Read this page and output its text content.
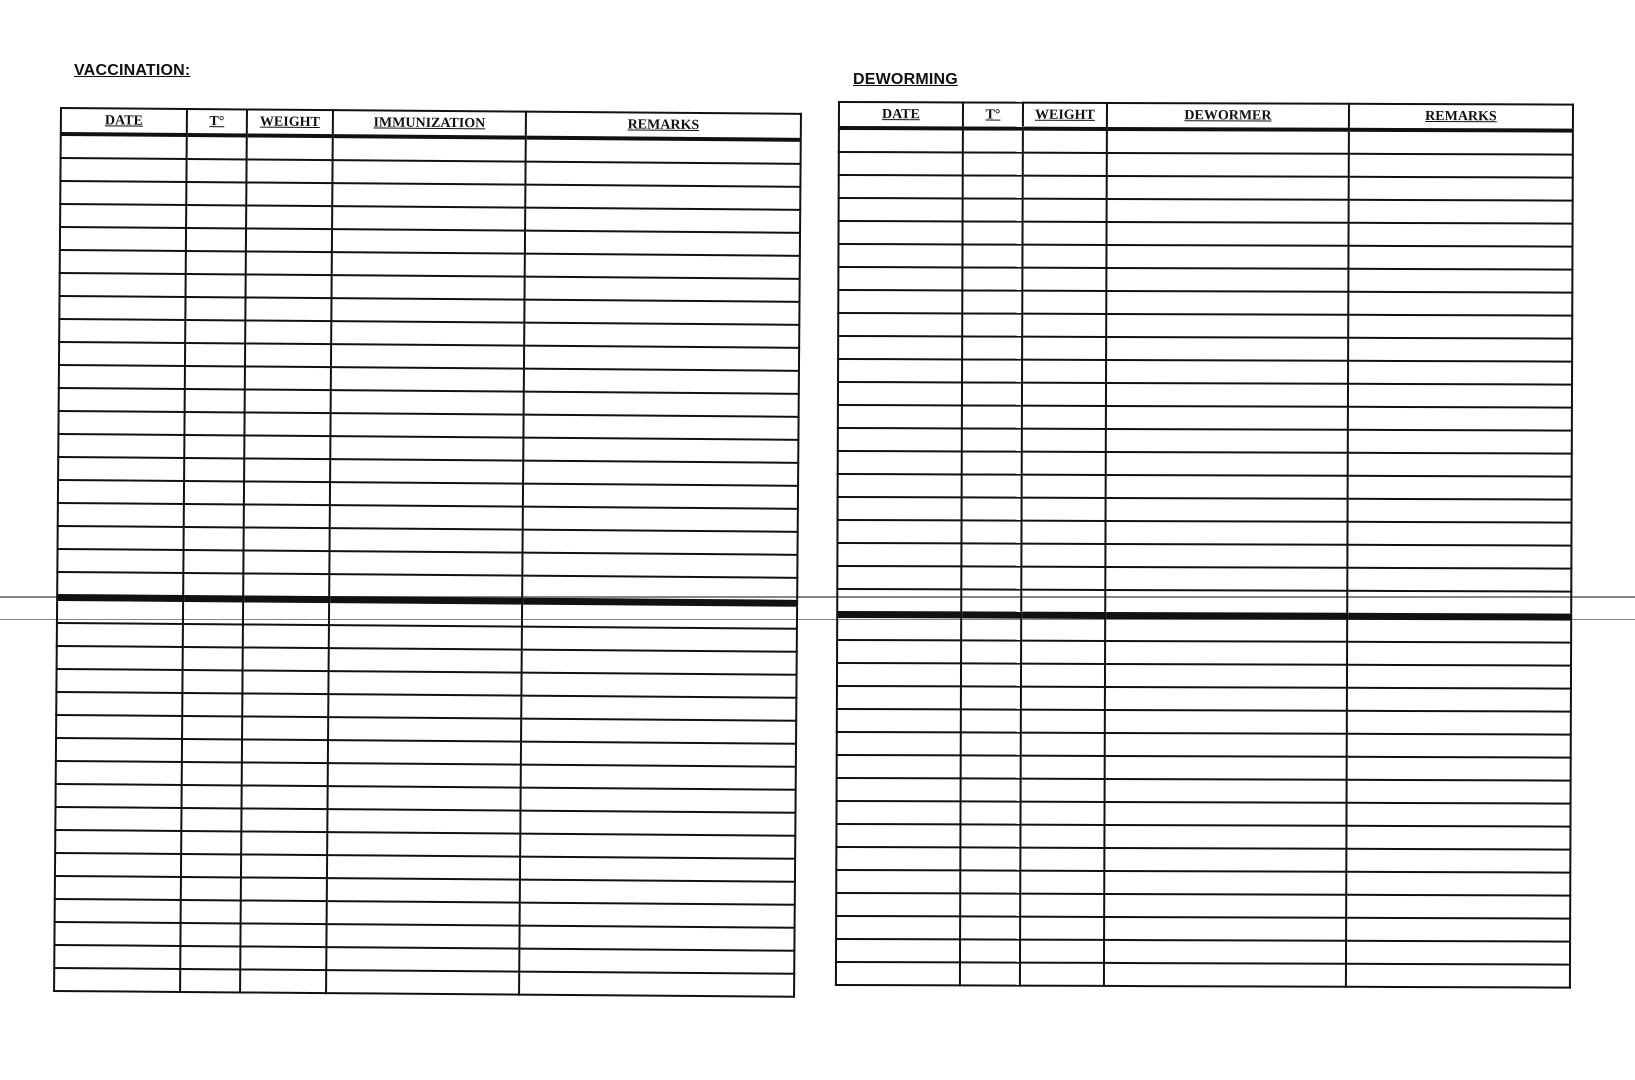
VACCINATION:
DEWORMING
DATE	T°	WEIGHT	IMMUNIZATION	REMARKS

DATE	T°	WEIGHT	DEWORMER	REMARKS
